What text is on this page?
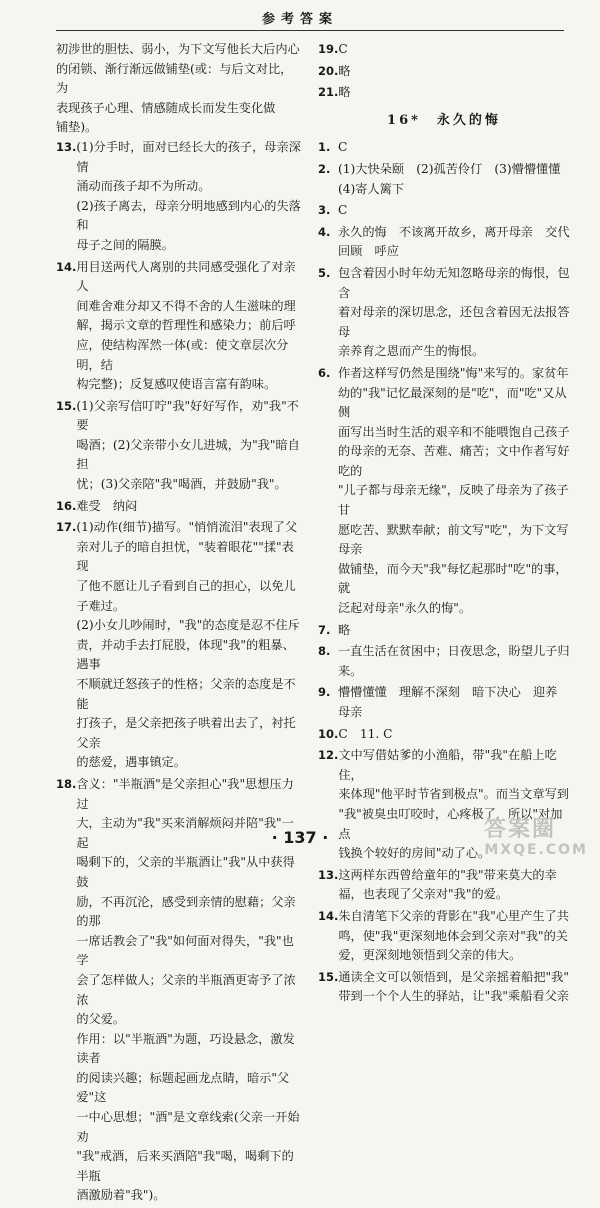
参考答案
初涉世的胆怯、弱小，为下文写他长大后内心
的闭锁、渐行渐远做铺垫(或：与后文对比，为
表现孩子心理、情感随成长而发生变化做
铺垫)。
13. (1)分手时，面对已经长大的孩子，母亲深情
涌动而孩子却不为所动。
(2)孩子离去，母亲分明地感到内心的失落和
母子之间的隔膜。
14. 用目送两代人离别的共同感受强化了对亲人
间难舍难分却又不得不舍的人生滋味的理
解，揭示文章的哲理性和感染力；前后呼
应，使结构浑然一体(或：使文章层次分明，结
构完整)；反复感叹使语言富有韵味。
15. (1)父亲写信叮咛"我"好好写作，劝"我"不要
喝酒；(2)父亲带小女儿进城，为"我"暗自担
忧；(3)父亲陪"我"喝酒，并鼓励"我"。
16. 难受　纳闷
17. (1)动作(细节)描写。"悄悄流泪"表现了父
亲对儿子的暗自担忧，"装着眼花""揉"表现
了他不愿让儿子看到自己的担心，以免儿
子难过。
(2)小女儿吵闹时，"我"的态度是忍不住斥
责，并动手去打屁股，体现"我"的粗暴、遇事
不顺就迁怒孩子的性格；父亲的态度是不能
打孩子，是父亲把孩子哄着出去了，衬托父亲
的慈爱，遇事镇定。
18. 含义："半瓶酒"是父亲担心"我"思想压力过
大，主动为"我"买来消解烦闷并陪"我"一起
喝剩下的，父亲的半瓶酒让"我"从中获得鼓
励，不再沉沦，感受到亲情的慰藉；父亲的那
一席话教会了"我"如何面对得失，"我"也学
会了怎样做人；父亲的半瓶酒更寄予了浓浓
的父爱。
作用：以"半瓶酒"为题，巧设悬念，激发读者
的阅读兴趣；标题起画龙点睛，暗示"父爱"这
一中心思想；"酒"是文章线索(父亲一开始劝
"我"戒酒，后来买酒陪"我"喝，喝剩下的半瓶
酒激励着"我")。
19. C
20. 略
21. 略
16*　永久的悔
1. C
2. (1)大快朵颐　(2)孤苦伶仃　(3)懵懵懂懂
(4)寄人篱下
3. C
4. 永久的悔　不该离开故乡，离开母亲　交代
回顾　呼应
5. 包含着因小时年幼无知忽略母亲的悔恨，包含
着对母亲的深切思念，还包含着因无法报答母
亲养育之恩而产生的悔恨。
6. 作者这样写仍然是围绕"悔"来写的。家贫年
幼的"我"记忆最深刻的是"吃"，而"吃"又从侧
面写出当时生活的艰辛和不能喂饱自己孩子
的母亲的无奈、苦难、痛苦；文中作者写好吃的
"儿子都与母亲无缘"，反映了母亲为了孩子甘
愿吃苦、默默奉献；前文写"吃"，为下文写母亲
做铺垫，而今天"我"每忆起那时"吃"的事，就
泛起对母亲"永久的悔"。
7. 略
8. 一直生活在贫困中；日夜思念，盼望儿子归来。
9. 懵懵懂懂　理解不深刻　暗下决心　迎养
母亲
10. C　11. C
12. 文中写借姑爹的小渔船，带"我"在船上吃住，
来体现"他平时节省到极点"。而当文章写到
"我"被臭虫叮咬时，心疼极了，所以"对加点
钱换个较好的房间"动了心。
13. 这两样东西曾给童年的"我"带来莫大的幸
福，也表现了父亲对"我"的爱。
14. 朱自清笔下父亲的背影在"我"心里产生了共
鸣，使"我"更深刻地体会到父亲对"我"的关
爱，更深刻地领悟到父亲的伟大。
15. 通读全文可以领悟到，是父亲摇着船把"我"
带到一个个人生的驿站，让"我"乘船看父亲
· 137 ·	答案圈
MXQE.COM
